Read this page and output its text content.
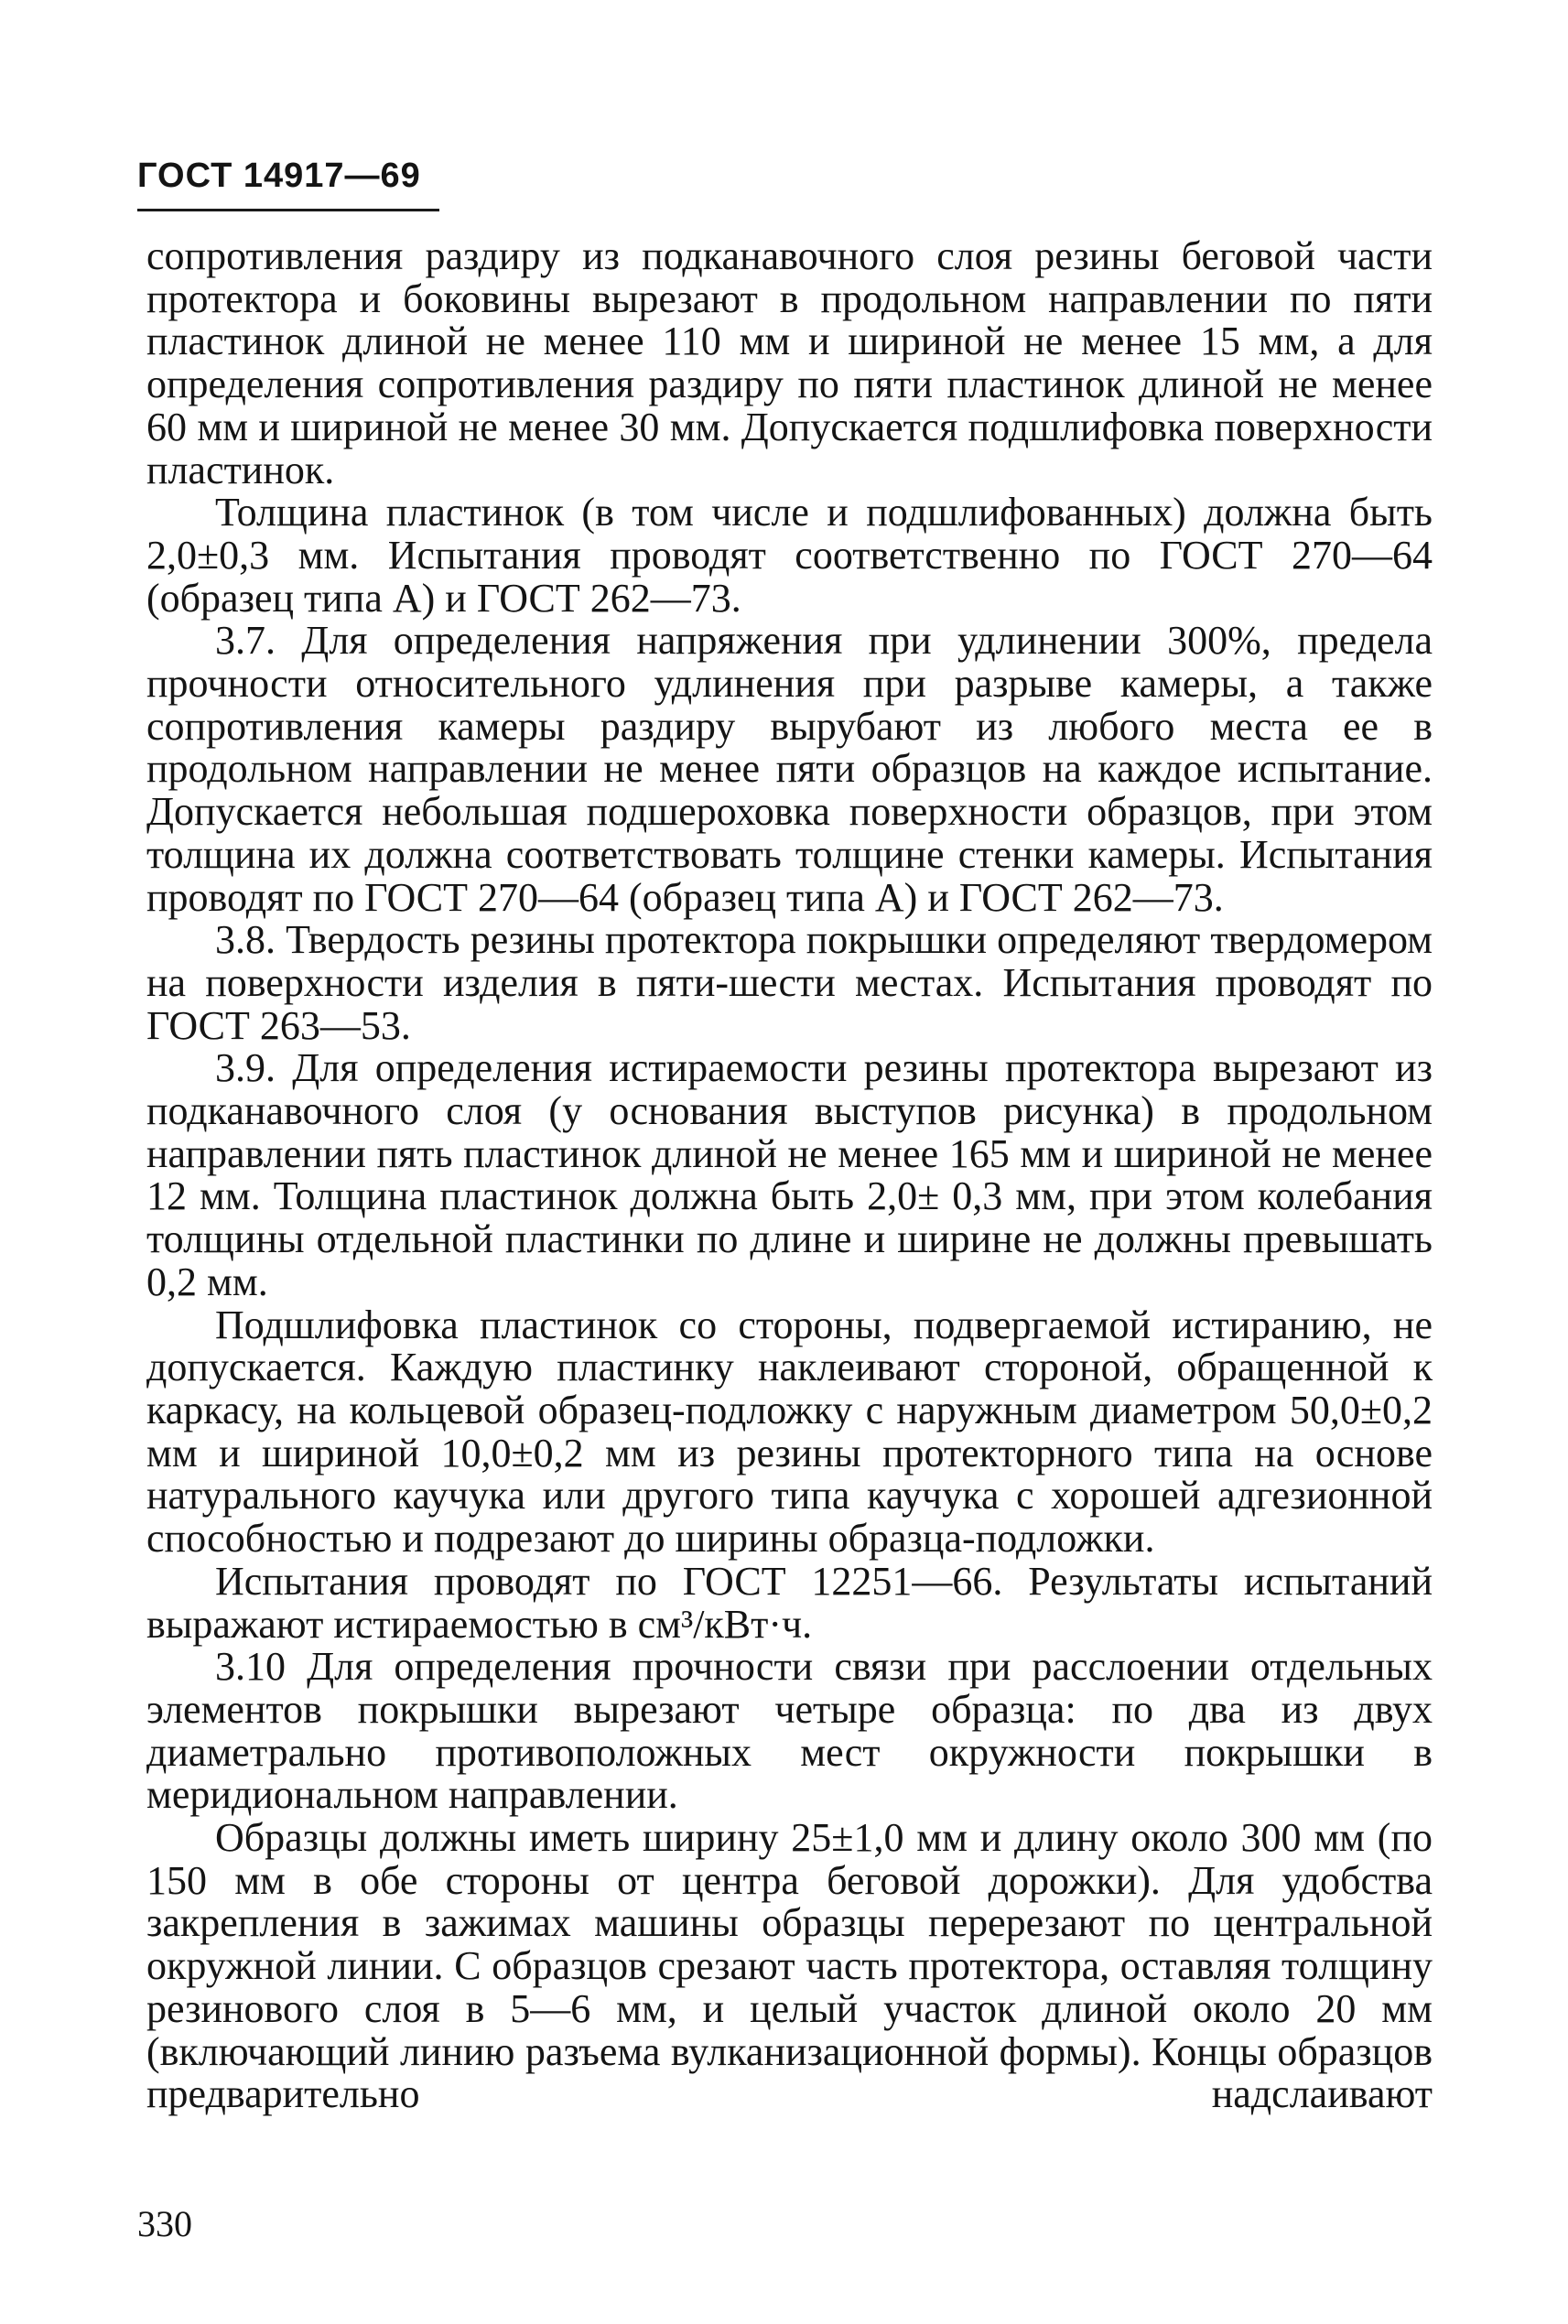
ГОСТ 14917—69

сопротивления раздиру из подканавочного слоя резины беговой части протектора и боковины вырезают в продольном направлении по пяти пластинок длиной не менее 110 мм и шириной не менее 15 мм, а для определения сопротивления раздиру по пяти пластинок длиной не менее 60 мм и шириной не менее 30 мм. Допускается подшлифовка поверхности пластинок.

Толщина пластинок (в том числе и подшлифованных) должна быть 2,0±0,3 мм. Испытания проводят соответственно по ГОСТ 270—64 (образец типа А) и ГОСТ 262—73.

3.7. Для определения напряжения при удлинении 300%, предела прочности относительного удлинения при разрыве камеры, а также сопротивления камеры раздиру вырубают из любого места ее в продольном направлении не менее пяти образцов на каждое испытание. Допускается небольшая подшероховка поверхности образцов, при этом толщина их должна соответствовать толщине стенки камеры. Испытания проводят по ГОСТ 270—64 (образец типа А) и ГОСТ 262—73.

3.8. Твердость резины протектора покрышки определяют твердомером на поверхности изделия в пяти-шести местах. Испытания проводят по ГОСТ 263—53.

3.9. Для определения истираемости резины протектора вырезают из подканавочного слоя (у основания выступов рисунка) в продольном направлении пять пластинок длиной не менее 165 мм и шириной не менее 12 мм. Толщина пластинок должна быть 2,0± 0,3 мм, при этом колебания толщины отдельной пластинки по длине и ширине не должны превышать 0,2 мм.

Подшлифовка пластинок со стороны, подвергаемой истиранию, не допускается. Каждую пластинку наклеивают стороной, обращенной к каркасу, на кольцевой образец-подложку с наружным диаметром 50,0±0,2 мм и шириной 10,0±0,2 мм из резины протекторного типа на основе натурального каучука или другого типа каучука с хорошей адгезионной способностью и подрезают до ширины образца-подложки.

Испытания проводят по ГОСТ 12251—66. Результаты испытаний выражают истираемостью в см³/кВт·ч.

3.10 Для определения прочности связи при расслоении отдельных элементов покрышки вырезают четыре образца: по два из двух диаметрально противоположных мест окружности покрышки в меридиональном направлении.

Образцы должны иметь ширину 25±1,0 мм и длину около 300 мм (по 150 мм в обе стороны от центра беговой дорожки). Для удобства закрепления в зажимах машины образцы перерезают по центральной окружной линии. С образцов срезают часть протектора, оставляя толщину резинового слоя в 5—6 мм, и целый участок длиной около 20 мм (включающий линию разъема вулканизационной формы). Концы образцов предварительно надслаивают

330
